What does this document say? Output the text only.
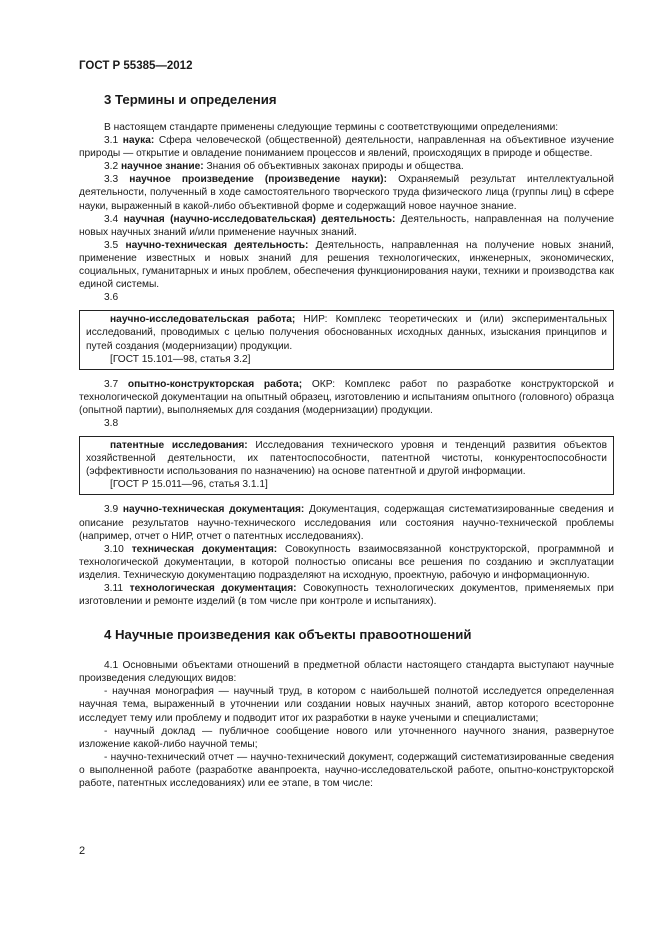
ГОСТ Р 55385—2012
3 Термины и определения

В настоящем стандарте применены следующие термины с соответствующими определениями:

3.1 наука: Сфера человеческой (общественной) деятельности, направленная на объективное изучение природы — открытие и овладение пониманием процессов и явлений, происходящих в природе и обществе.

3.2 научное знание: Знания об объективных законах природы и общества.

3.3 научное произведение (произведение науки): Охраняемый результат интеллектуальной деятельности, полученный в ходе самостоятельного творческого труда физического лица (группы лиц) в сфере науки, выраженный в какой-либо объективной форме и содержащий новое научное знание.

3.4 научная (научно-исследовательская) деятельность: Деятельность, направленная на получение новых научных знаний и/или применение научных знаний.

3.5 научно-техническая деятельность: Деятельность, направленная на получение новых знаний, применение известных и новых знаний для решения технологических, инженерных, экономических, социальных, гуманитарных и иных проблем, обеспечения функционирования науки, техники и производства как единой системы.

3.6

научно-исследовательская работа; НИР: Комплекс теоретических и (или) экспериментальных исследований, проводимых с целью получения обоснованных исходных данных, изыскания принципов и путей создания (модернизации) продукции.

[ГОСТ 15.101—98, статья 3.2]

3.7 опытно-конструкторская работа; ОКР: Комплекс работ по разработке конструкторской и технологической документации на опытный образец, изготовлению и испытаниям опытного (головного) образца (опытной партии), выполняемых для создания (модернизации) продукции.

3.8

патентные исследования: Исследования технического уровня и тенденций развития объектов хозяйственной деятельности, их патентоспособности, патентной чистоты, конкурентоспособности (эффективности использования по назначению) на основе патентной и другой информации.

[ГОСТ Р 15.011—96, статья 3.1.1]

3.9 научно-техническая документация: Документация, содержащая систематизированные сведения и описание результатов научно-технического исследования или состояния научно-технической проблемы (например, отчет о НИР, отчет о патентных исследованиях).

3.10 техническая документация: Совокупность взаимосвязанной конструкторской, программной и технологической документации, в которой полностью описаны все решения по созданию и эксплуатации изделия. Техническую документацию подразделяют на исходную, проектную, рабочую и информационную.

3.11 технологическая документация: Совокупность технологических документов, применяемых при изготовлении и ремонте изделий (в том числе при контроле и испытаниях).

4 Научные произведения как объекты правоотношений

4.1 Основными объектами отношений в предметной области настоящего стандарта выступают научные произведения следующих видов:

- научная монография — научный труд, в котором с наибольшей полнотой исследуется определенная научная тема, выраженный в уточнении или создании новых научных знаний, автор которого всесторонне исследует тему или проблему и подводит итог их разработки в науке учеными и специалистами;

- научный доклад — публичное сообщение нового или уточненного научного знания, развернутое изложение какой-либо научной темы;

- научно-технический отчет — научно-технический документ, содержащий систематизированные сведения о выполненной работе (разработке аванпроекта, научно-исследовательской работе, опытно-конструкторской работе, патентных исследованиях) или ее этапе, в том числе:

2
